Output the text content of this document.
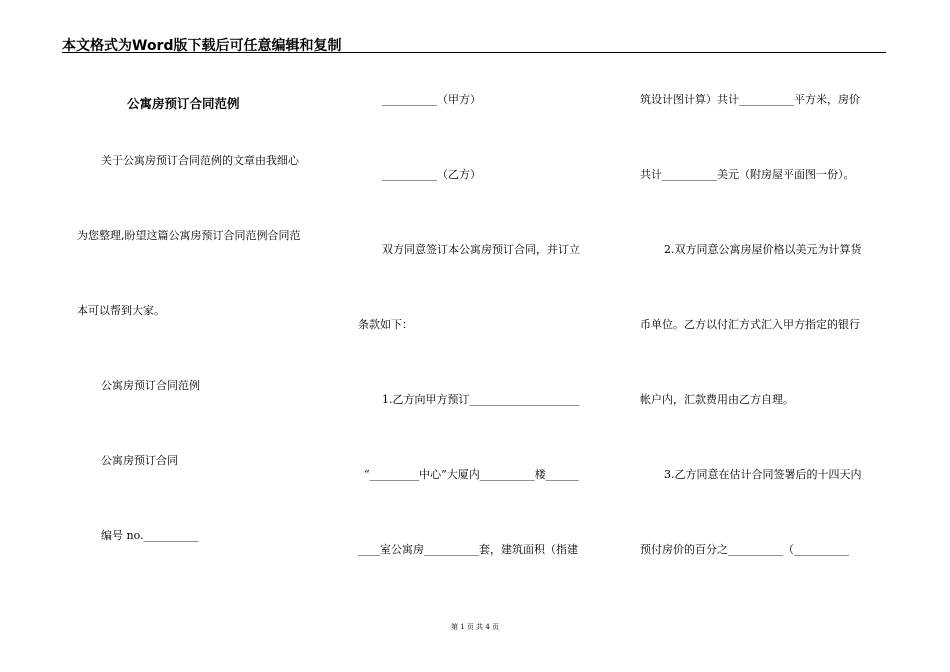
本文格式为Word版下载后可任意编辑和复制
公寓房预订合同范例
关于公寓房预订合同范例的文章由我细心
为您整理,盼望这篇公寓房预订合同范例合同范
本可以帮到大家。
公寓房预订合同范例
公寓房预订合同
编号 no.__________
__________（甲方）
__________（乙方）
双方同意签订本公寓房预订合同，并订立
条款如下：
1.乙方向甲方预订____________________
“_________中心”大厦内__________楼______
____室公寓房__________套，建筑面积（指建
筑设计图计算）共计__________平方米，房价
共计__________美元（附房屋平面图一份）。
2.双方同意公寓房屋价格以美元为计算货
币单位。乙方以付汇方式汇入甲方指定的银行
帐户内，汇款费用由乙方自理。
3.乙方同意在估计合同签署后的十四天内
预付房价的百分之__________（__________
第 1 页 共 4 页
